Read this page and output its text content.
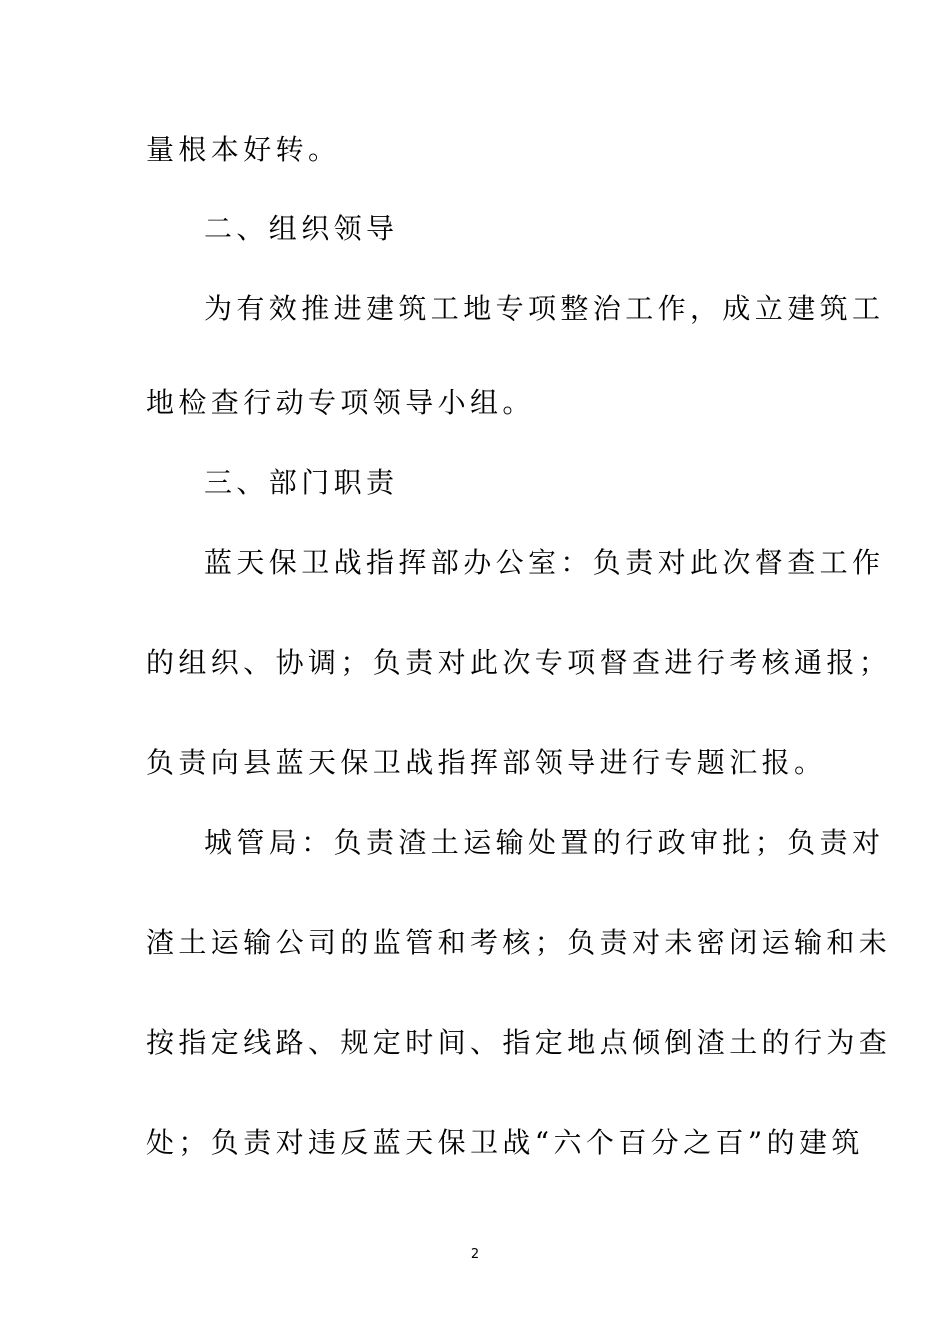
量根本好转。
二、组织领导
为有效推进建筑工地专项整治工作，成立建筑工
地检查行动专项领导小组。
三、部门职责
蓝天保卫战指挥部办公室：负责对此次督查工作
的组织、协调；负责对此次专项督查进行考核通报；
负责向县蓝天保卫战指挥部领导进行专题汇报。
城管局：负责渣土运输处置的行政审批；负责对
渣土运输公司的监管和考核；负责对未密闭运输和未
按指定线路、规定时间、指定地点倾倒渣土的行为查
处；负责对违反蓝天保卫战“六个百分之百”的建筑
2
